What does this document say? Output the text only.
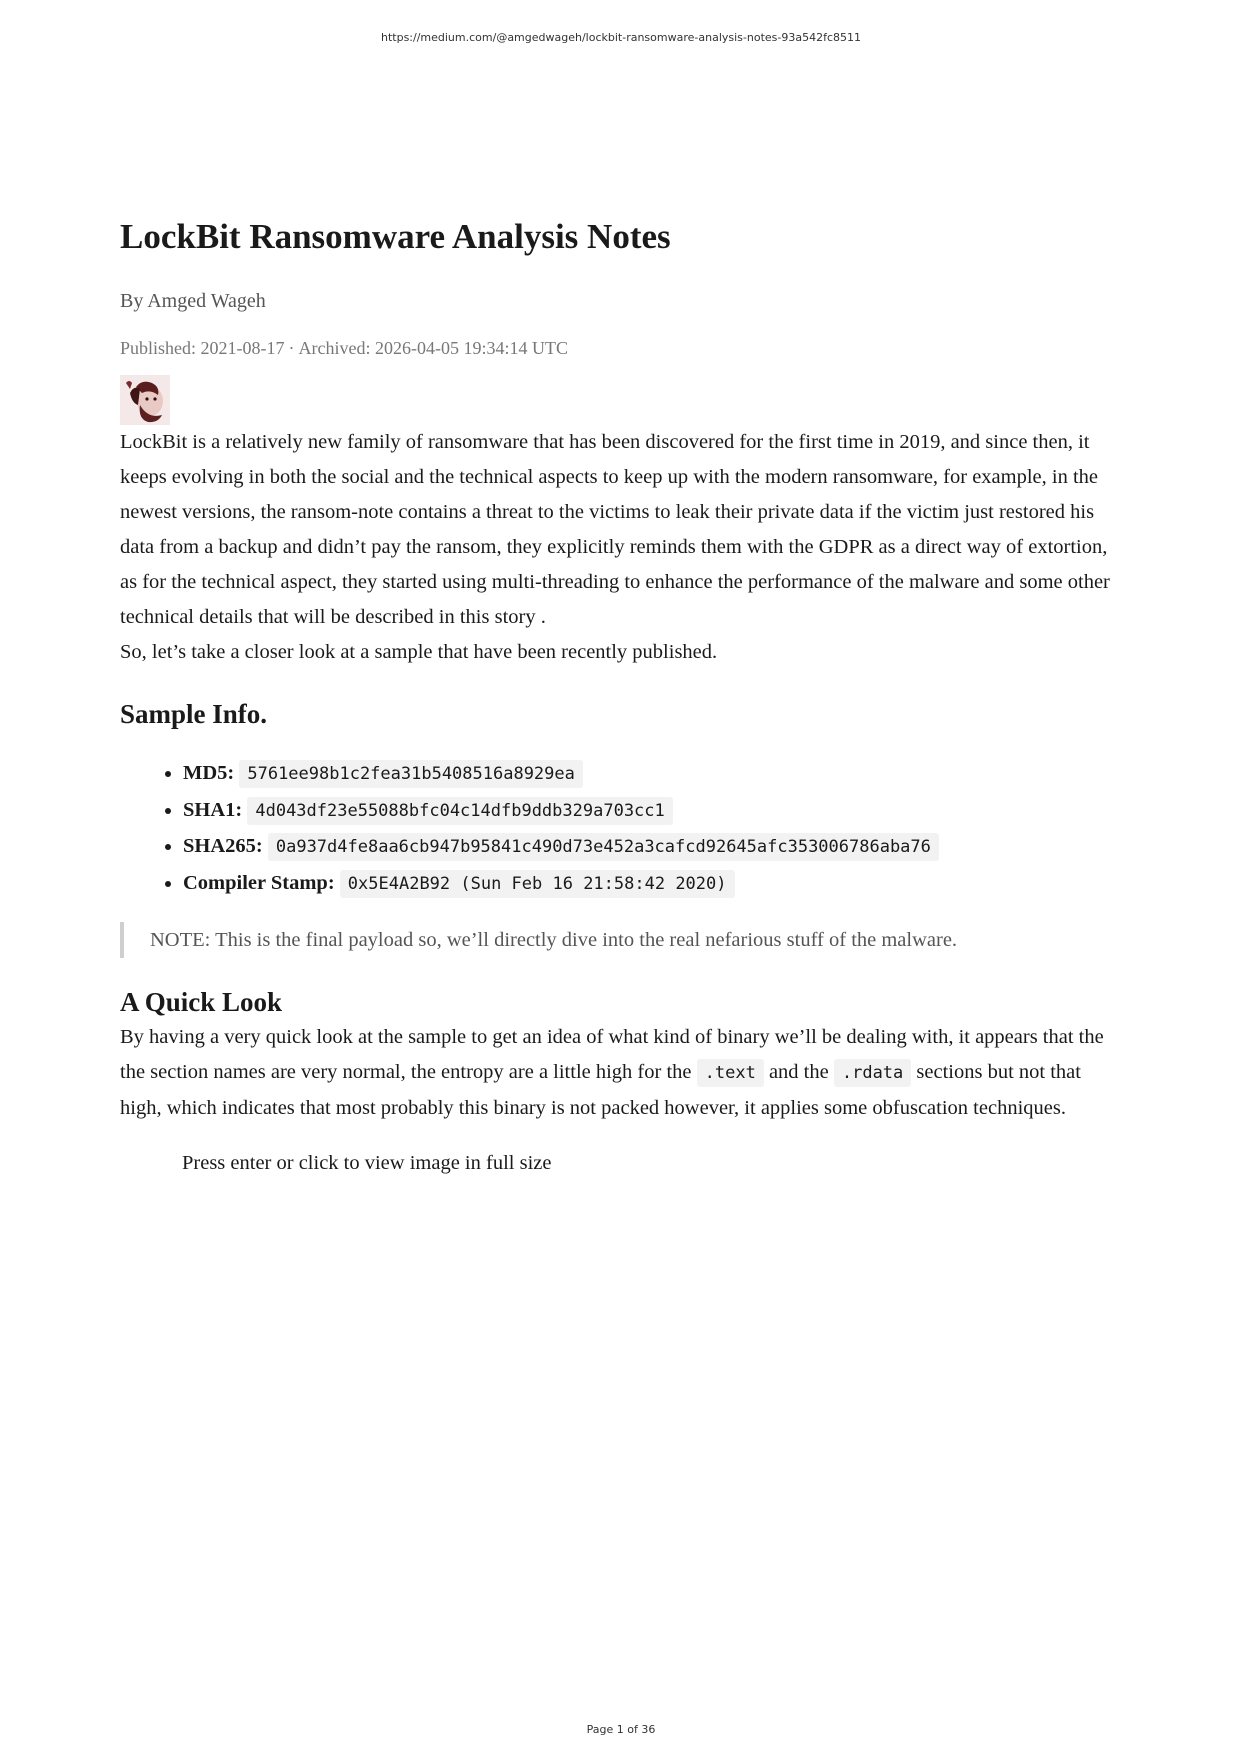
https://medium.com/@amgedwageh/lockbit-ransomware-analysis-notes-93a542fc8511
LockBit Ransomware Analysis Notes
By Amged Wageh
Published: 2021-08-17 · Archived: 2026-04-05 19:34:14 UTC

LockBit is a relatively new family of ransomware that has been discovered for the first time in 2019, and since then, it keeps evolving in both the social and the technical aspects to keep up with the modern ransomware, for example, in the newest versions, the ransom-note contains a threat to the victims to leak their private data if the victim just restored his data from a backup and didn’t pay the ransom, they explicitly reminds them with the GDPR as a direct way of extortion, as for the technical aspect, they started using multi-threading to enhance the performance of the malware and some other technical details that will be described in this story .

So, let’s take a closer look at a sample that have been recently published.

Sample Info.
• MD5: 5761ee98b1c2fea31b5408516a8929ea
• SHA1: 4d043df23e55088bfc04c14dfb9ddb329a703cc1
• SHA265: 0a937d4fe8aa6cb947b95841c490d73e452a3cafcd92645afc353006786aba76
• Compiler Stamp: 0x5E4A2B92 (Sun Feb 16 21:58:42 2020)
NOTE: This is the final payload so, we’ll directly dive into the real nefarious stuff of the malware.
A Quick Look

By having a very quick look at the sample to get an idea of what kind of binary we’ll be dealing with, it appears that the the section names are very normal, the entropy are a little high for the .text and the .rdata sections but not that high, which indicates that most probably this binary is not packed however, it applies some obfuscation techniques.

Press enter or click to view image in full size
Page 1 of 36
